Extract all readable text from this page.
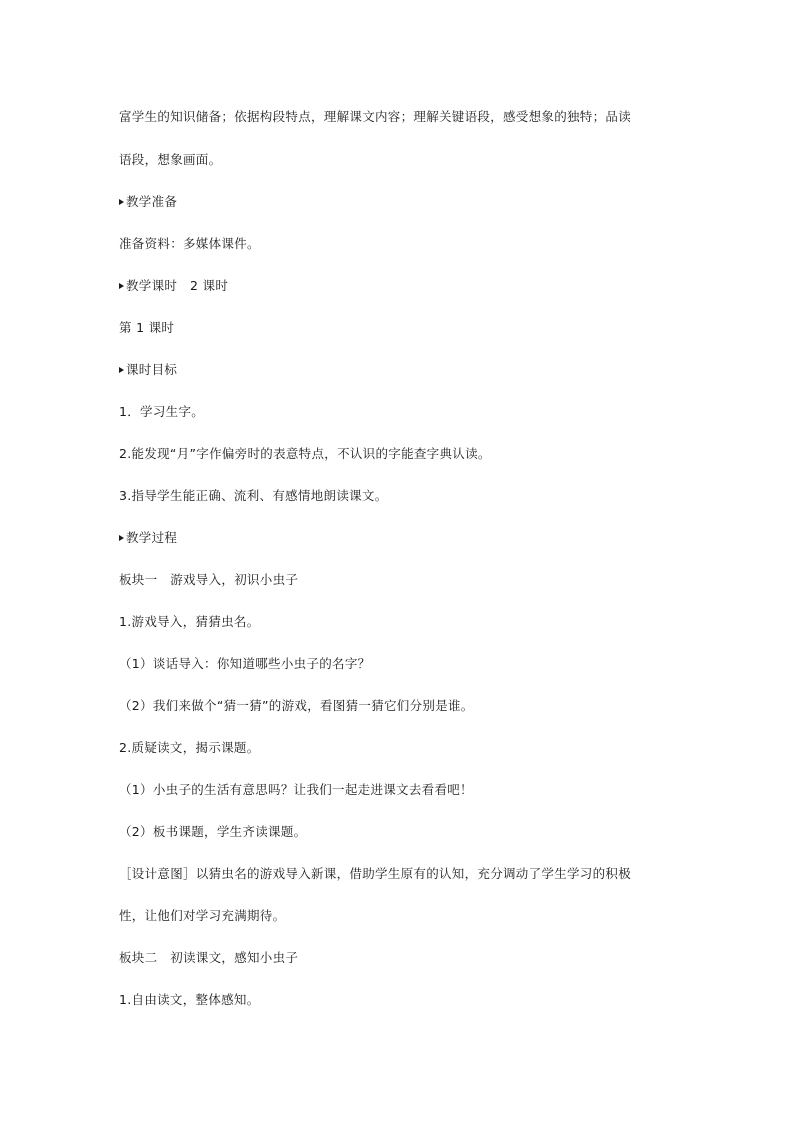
富学生的知识储备；依据构段特点，理解课文内容；理解关键语段，感受想象的独特；品读
语段，想象画面。
教学准备
准备资料：多媒体课件。
教学课时　2 课时
第 1 课时
课时目标
1．学习生字。
2.能发现“月”字作偏旁时的表意特点，不认识的字能查字典认读。
3.指导学生能正确、流利、有感情地朗读课文。
教学过程
板块一　游戏导入，初识小虫子
1.游戏导入，猜猜虫名。
（1）谈话导入：你知道哪些小虫子的名字？
（2）我们来做个“猜一猜”的游戏，看图猜一猜它们分别是谁。
2.质疑读文，揭示课题。
（1）小虫子的生活有意思吗？让我们一起走进课文去看看吧！
（2）板书课题，学生齐读课题。
［设计意图］以猜虫名的游戏导入新课，借助学生原有的认知，充分调动了学生学习的积极
性，让他们对学习充满期待。
板块二　初读课文，感知小虫子
1.自由读文，整体感知。
